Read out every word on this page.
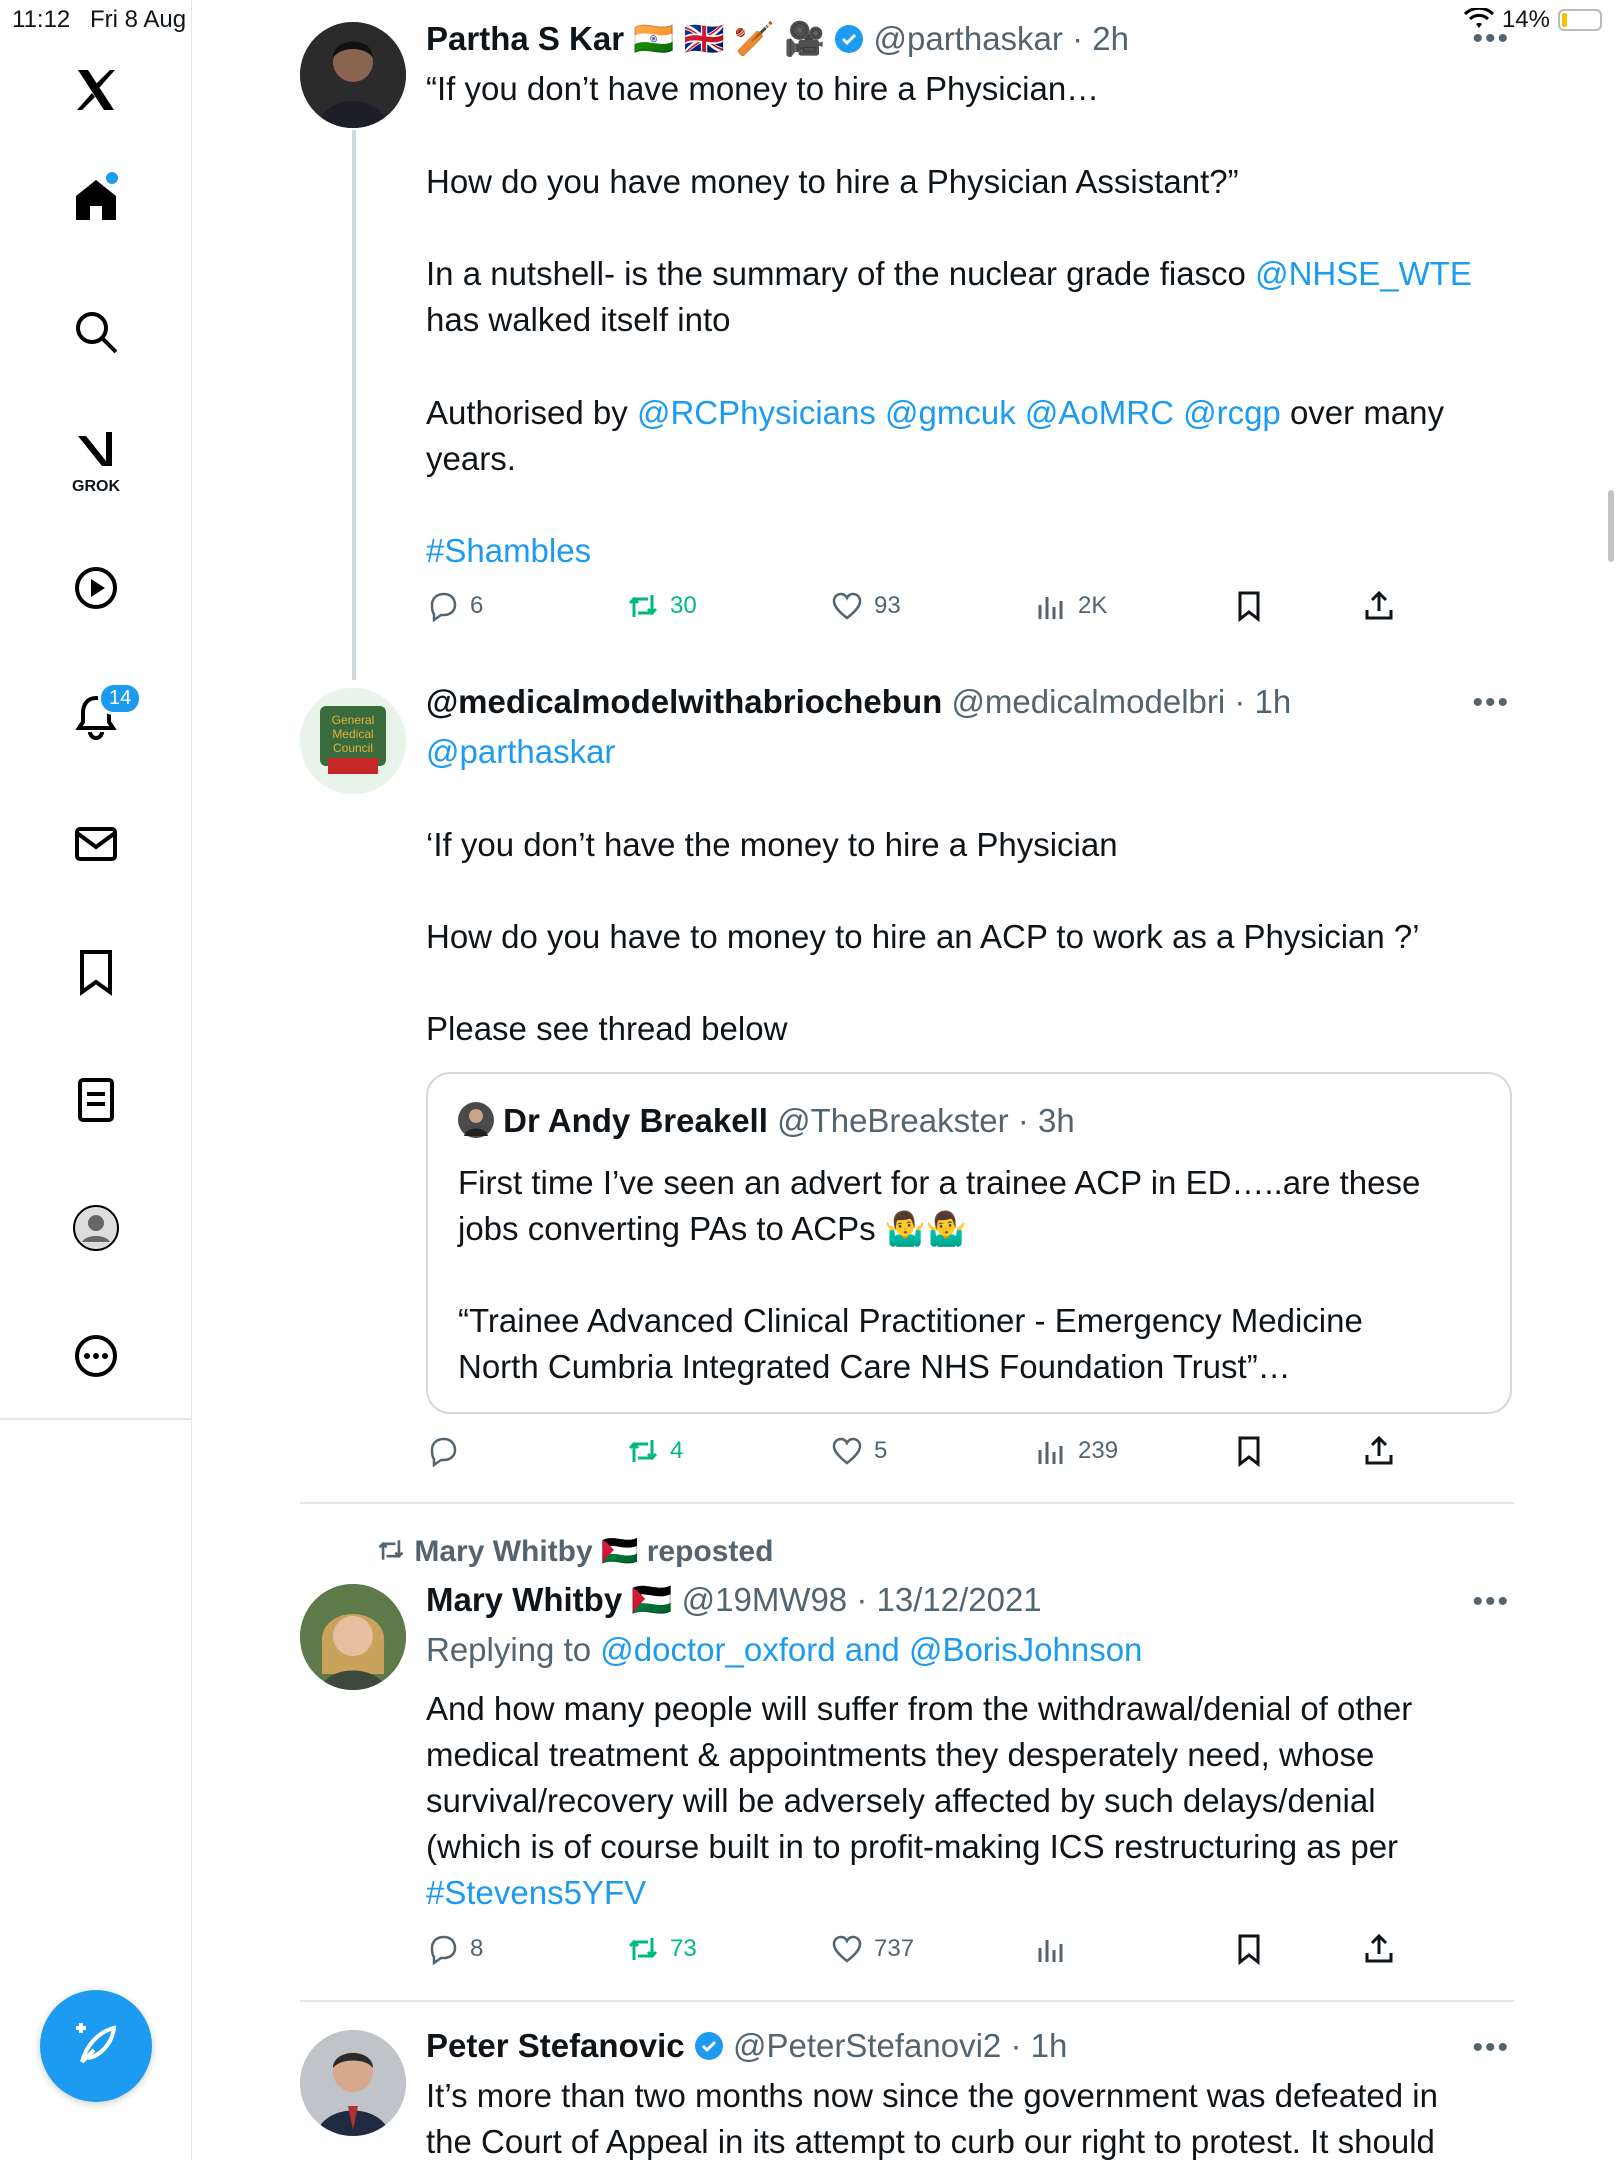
11:12 Fri 8 Aug	14%
GROK
14
Partha S Kar 🇮🇳 🇬🇧 🏏 🎥 @parthaskar · 2h
“If you don’t have money to hire a Physician…
How do you have money to hire a Physician Assistant?”
In a nutshell- is the summary of the nuclear grade fiasco @NHSE_WTE
has walked itself into
Authorised by @RCPhysicians @gmcuk @AoMRC @rcgp over many
years.
#Shambles
•••
6	30	93	2K
General
Medical
Council
@medicalmodelwithabriochebun @medicalmodelbri · 1h	•••
@parthaskar
‘If you don’t have the money to hire a Physician
How do you have to money to hire an ACP to work as a Physician ?’
Please see thread below
Dr Andy Breakell @TheBreakster · 3h
First time I’ve seen an advert for a trainee ACP in ED…..are these
jobs converting PAs to ACPs 🤷‍♂️🤷‍♂️
“Trainee Advanced Clinical Practitioner - Emergency Medicine
North Cumbria Integrated Care NHS Foundation Trust”…
4	5	239
Mary Whitby 🇵🇸 reposted
Mary Whitby 🇵🇸 @19MW98 · 13/12/2021	•••
Replying to @doctor_oxford and @BorisJohnson
And how many people will suffer from the withdrawal/denial of other
medical treatment & appointments they desperately need, whose
survival/recovery will be adversely affected by such delays/denial
(which is of course built in to profit-making ICS restructuring as per
#Stevens5YFV
8	73	737
Peter Stefanovic @PeterStefanovi2 · 1h	•••
It’s more than two months now since the government was defeated in
the Court of Appeal in its attempt to curb our right to protest. It should
